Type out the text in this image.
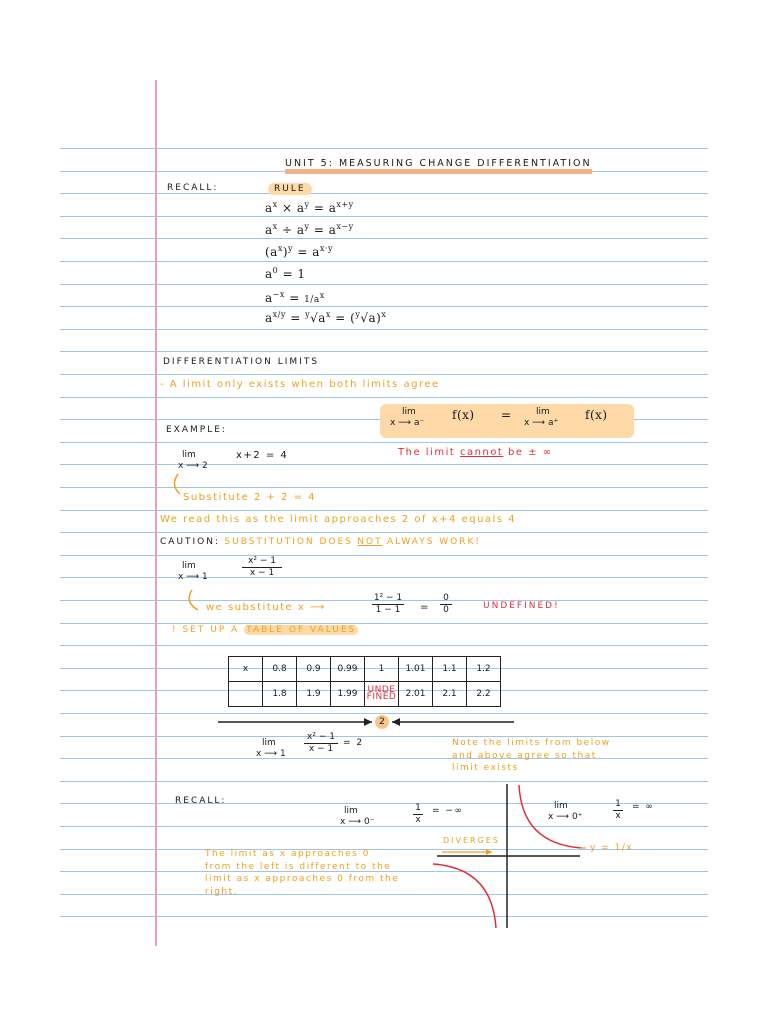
UNIT 5: MEASURING CHANGE DIFFERENTIATION
RECALL:	RULE
$a^x \times a^y = a^{x+y}$
$a^x \div a^y = a^{x-y}$
$(a^x)^y = a^{x\cdot y}$
$a^0 = 1$
$a^{-x} = 1/a^x$
$a^{x/y} = ^y√a^x = (^y√a)^x$
DIFFERENTIATION LIMITS
- A limit only exists when both limits agree
lim
x ⟶ a⁻
f(x) =	lim
x ⟶ a⁺
f(x)
The limit cannot be ± ∞
EXAMPLE:
lim
x ⟶ 2
x+2 = 4
Substitute 2 + 2 = 4
We read this as the limit approaches 2 of x+4 equals 4
CAUTION: SUBSTITUTION DOES NOT ALWAYS WORK!
lim
x ⟶ 1
x² − 1
x − 1
we substitute x ⟶
1² − 1
1 − 1	=
0
0	UNDEFINED!
! SET UP A TABLE OF VALUES
x	0.8	0.9	0.99	1	1.01	1.1	1.2
	1.8	1.9	1.99	UNDE FINED	2.01	2.1	2.2
2
lim
x ⟶ 1
x² − 1
x − 1
= 2	Note the limits from below and above agree so that limit exists
RECALL:
lim
x ⟶ 0⁻
1
x
= −∞	lim
x ⟶ 0⁺
1
x
= ∞
DIVERGES
y = 1/x
The limit as x approaches 0 from the left is different to the limit as x approaches 0 from the right.
